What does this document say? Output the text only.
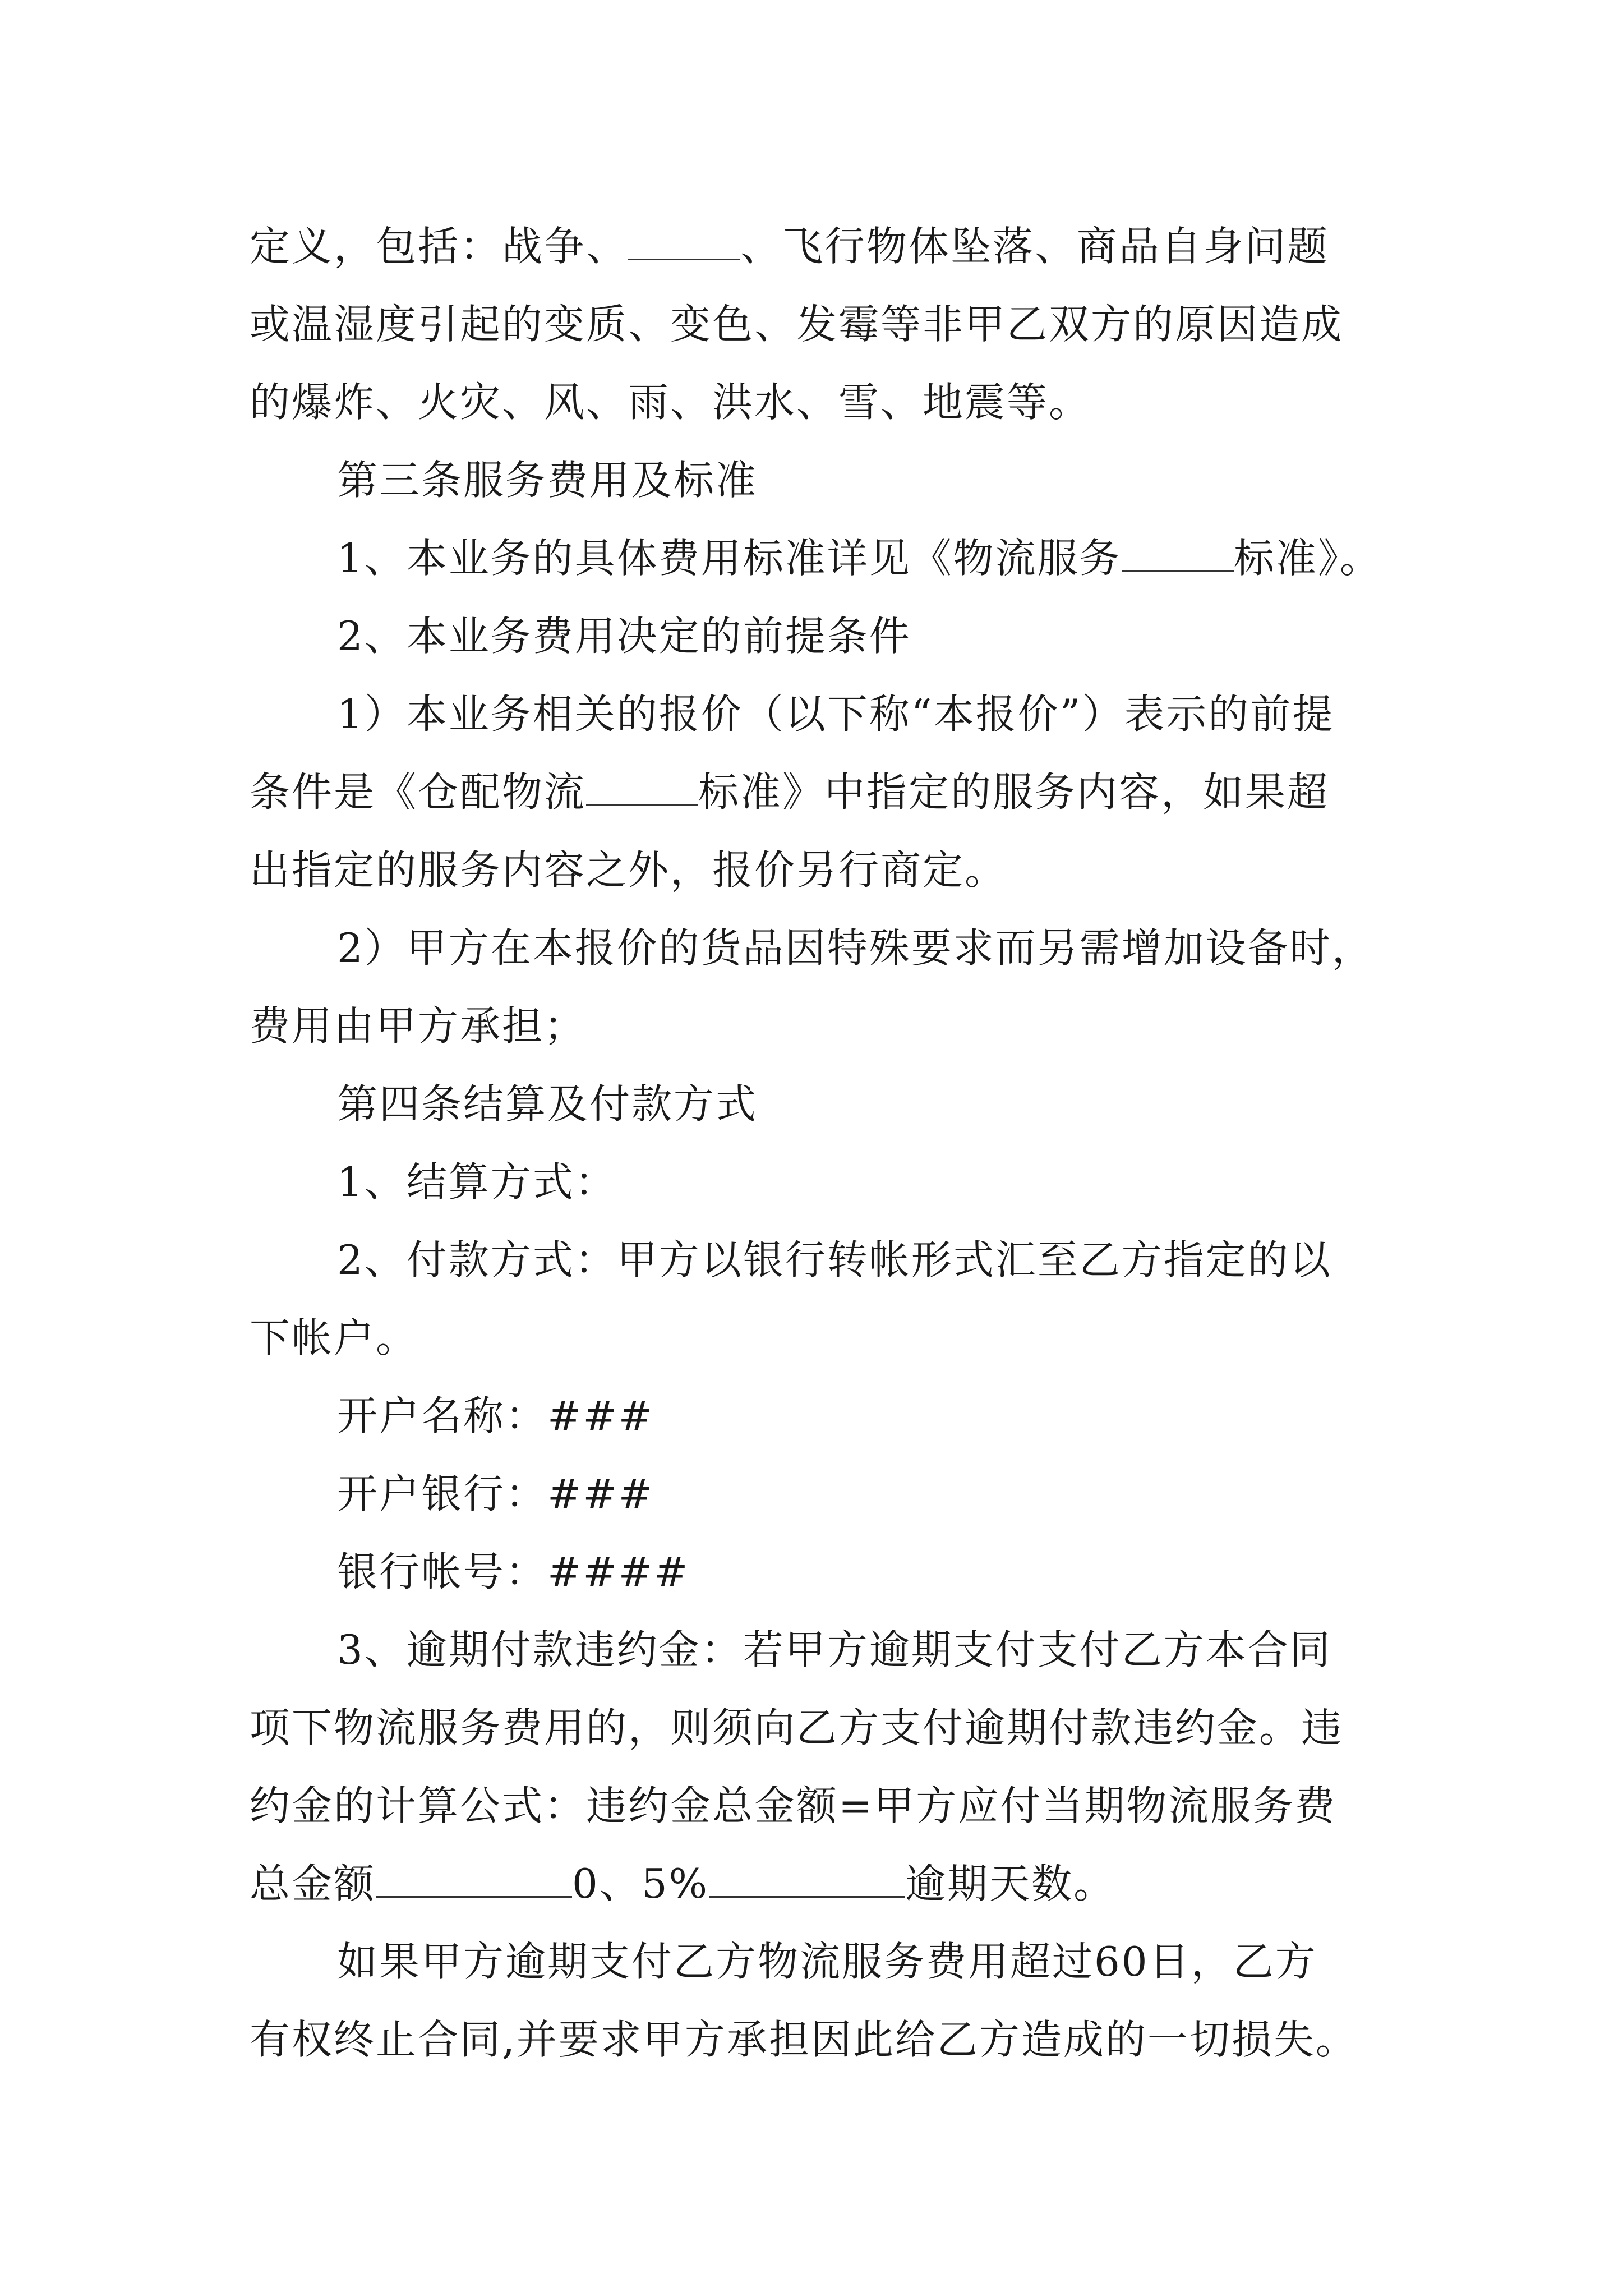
定义，包括：战争、	、飞行物体坠落、商品自身问题
或温湿度引起的变质、变色、发霉等非甲乙双方的原因造成
的爆炸、火灾、风、雨、洪水、雪、地震等。
第三条服务费用及标准
1、本业务的具体费用标准详见《物流服务	标准》。
2、本业务费用决定的前提条件
1）本业务相关的报价（以下称“本报价”）表示的前提
条件是《仓配物流	标准》中指定的服务内容，如果超
出指定的服务内容之外，报价另行商定。
2）甲方在本报价的货品因特殊要求而另需增加设备时，
费用由甲方承担；
第四条结算及付款方式
1、结算方式：
2、付款方式：甲方以银行转帐形式汇至乙方指定的以
下帐户。
开户名称：###
开户银行：###
银行帐号：####
3、逾期付款违约金：若甲方逾期支付支付乙方本合同
项下物流服务费用的，则须向乙方支付逾期付款违约金。违
约金的计算公式：违约金总金额=甲方应付当期物流服务费
总金额	0、5%	逾期天数。
如果甲方逾期支付乙方物流服务费用超过60日，乙方
有权终止合同,并要求甲方承担因此给乙方造成的一切损失。
